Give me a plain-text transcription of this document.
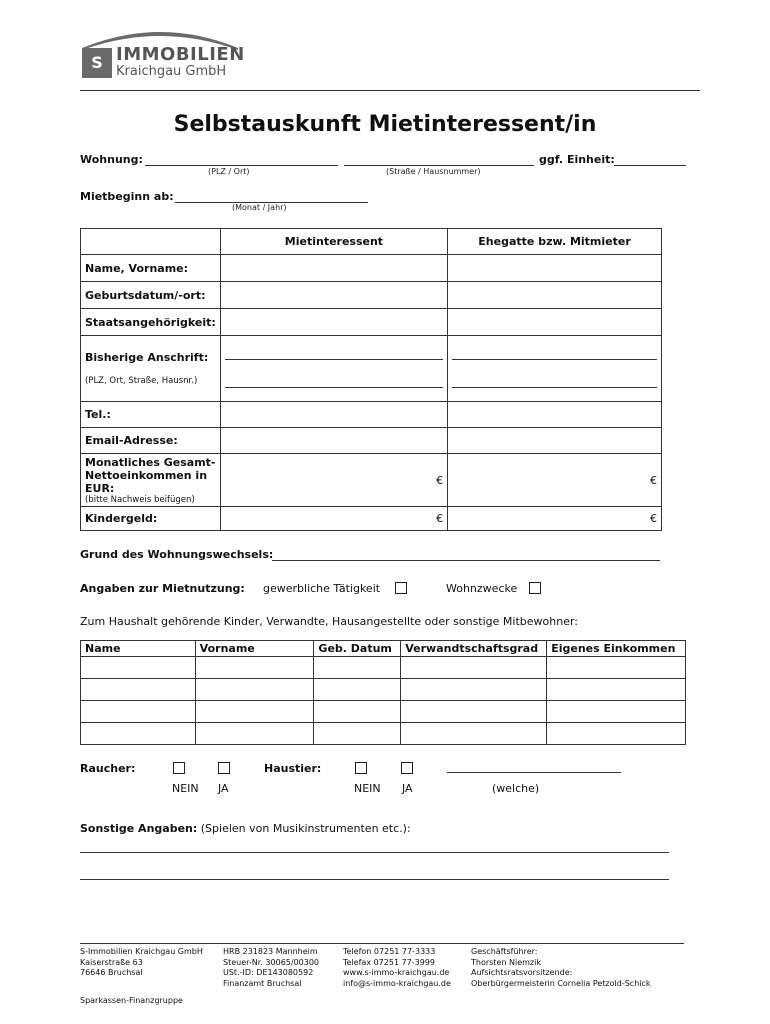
S IMMOBILIEN
Kraichgau GmbH
Selbstauskunft Mietinteressent/in
Wohnung:	ggf. Einheit:
(PLZ / Ort)	(Straße / Hausnummer)
Mietbeginn ab:
(Monat / Jahr)
	Mietinteressent	Ehegatte bzw. Mitmieter
Name, Vorname:		
Geburtsdatum/-ort:		
Staatsangehörigkeit:		

Bisherige Anschrift:
(PLZ, Ort, Straße, Hausnr.)		

Tel.:		
Email-Adresse:		

Monatliches Gesamt-
Nettoeinkommen in
EUR:
(bitte Nachweis beifügen)	€	€
Kindergeld:	€	€
Grund des Wohnungswechsels:
Angaben zur Mietnutzung: gewerbliche Tätigkeit	Wohnzwecke
Zum Haushalt gehörende Kinder, Verwandte, Hausangestellte oder sonstige Mitbewohner:
Name	Vorname	Geb. Datum	Verwandtschaftsgrad	Eigenes Einkommen

Raucher:
NEIN JA
Haustier:
NEIN JA	(welche)
Sonstige Angaben: (Spielen von Musikinstrumenten etc.):
S-Immobilien Kraichgau GmbH
Kaiserstraße 63
76646 Bruchsal
HRB 231823 Mannheim
Steuer-Nr. 30065/00300
USt.-ID: DE143080592
Finanzamt Bruchsal
Telefon 07251 77-3333
Telefax 07251 77-3999
www.s-immo-kraichgau.de
info@s-immo-kraichgau.de
Geschäftsführer:
Thorsten Niemzik
Aufsichtsratsvorsitzende:
Oberbürgermeisterin Cornelia Petzold-Schick
Sparkassen-Finanzgruppe
